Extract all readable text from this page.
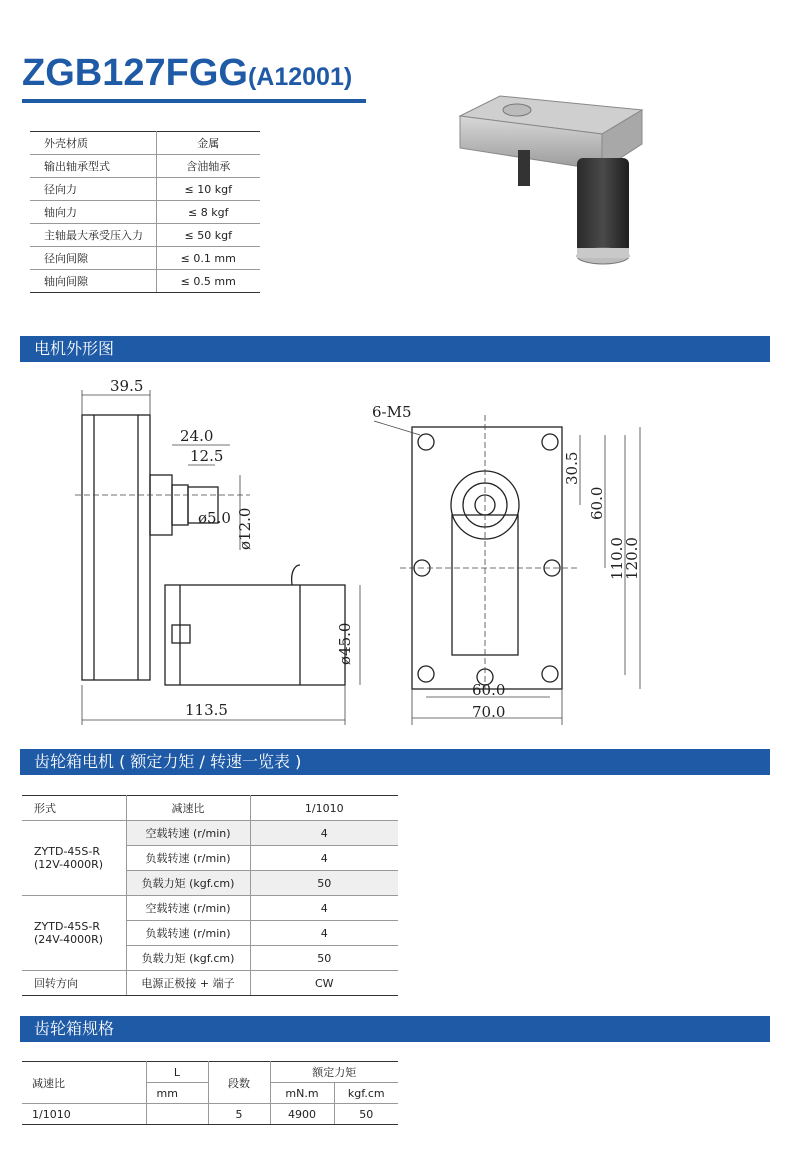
ZGB127FGG(A12001)
外壳材质	金属
输出轴承型式	含油轴承
径向力	≤ 10 kgf
轴向力	≤ 8 kgf
主轴最大承受压入力	≤ 50 kgf
径向间隙	≤ 0.1 mm
轴向间隙	≤ 0.5 mm
电机外形图
39.5
24.0
12.5
ø5.0 ø12.0
ø45.0
113.5
6-M5
30.5
60.0
110.0
120.0
60.0
70.0
齿轮箱电机 ( 额定力矩 / 转速一览表 )
形式	减速比	1/1010
ZYTD-45S-R
(12V-4000R)	空载转速 (r/min)	4
	负载转速 (r/min)	4
	负载力矩 (kgf.cm)	50
ZYTD-45S-R
(24V-4000R)	空载转速 (r/min)	4
	负载转速 (r/min)	4
	负载力矩 (kgf.cm)	50
回转方向	电源正极接 + 端子	CW
齿轮箱规格
减速比	L	段数	额定力矩	
	mm		mN.m	kgf.cm
1/1010		5	4900	50
